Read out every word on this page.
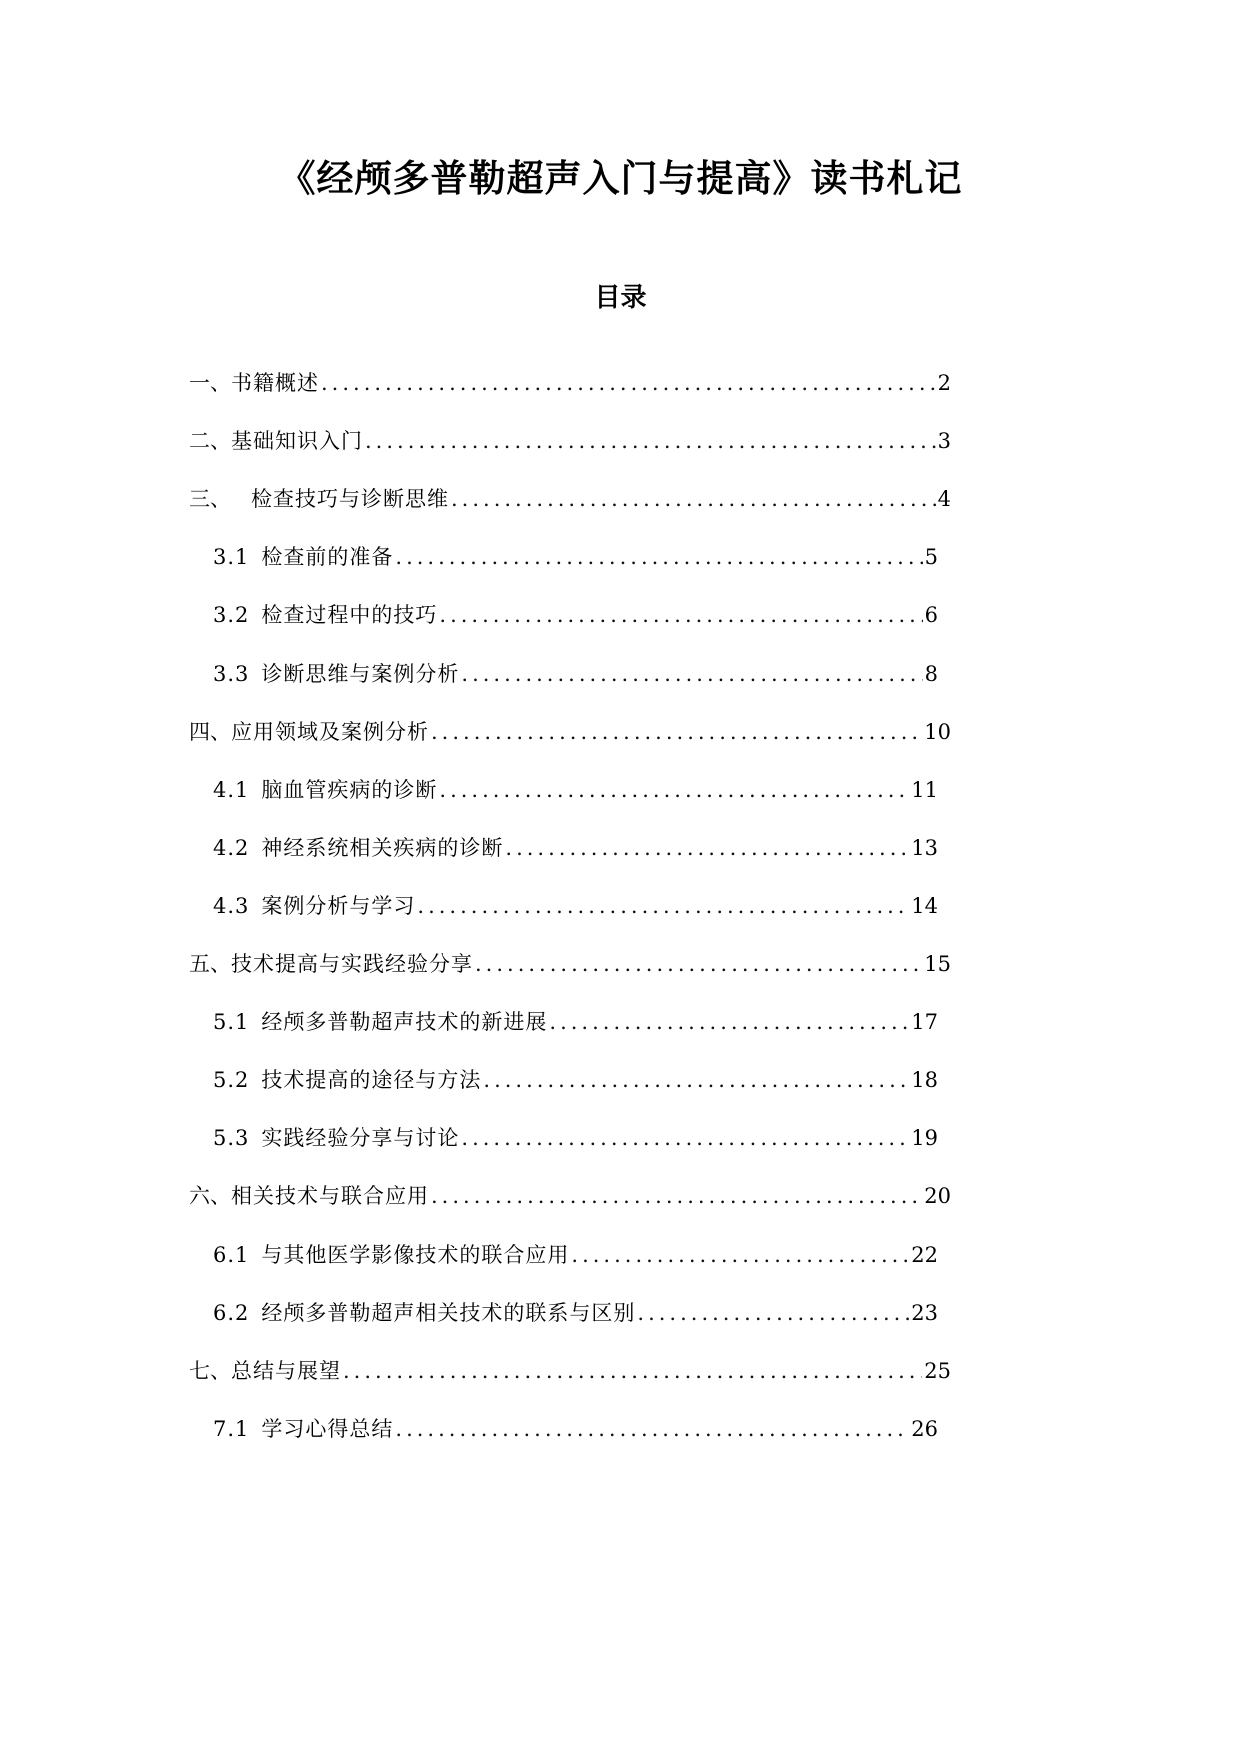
《经颅多普勒超声入门与提高》读书札记
目录
一、 书籍概述 .....	2
二、 基础知识入门 .....	3
三、 检查技巧与诊断思维 .....	4
3.1 检查前的准备 .....	5
3.2 检查过程中的技巧 .....	6
3.3 诊断思维与案例分析 .....	8
四、 应用领域及案例分析 .....	10
4.1 脑血管疾病的诊断 .....	11
4.2 神经系统相关疾病的诊断 .....	13
4.3 案例分析与学习 .....	14
五、 技术提高与实践经验分享 .....	15
5.1 经颅多普勒超声技术的新进展 .....	17
5.2 技术提高的途径与方法 .....	18
5.3 实践经验分享与讨论 .....	19
六、 相关技术与联合应用 .....	20
6.1 与其他医学影像技术的联合应用 .....	22
6.2 经颅多普勒超声相关技术的联系与区别 .....	23
七、 总结与展望 .....	25
7.1 学习心得总结 .....	26
